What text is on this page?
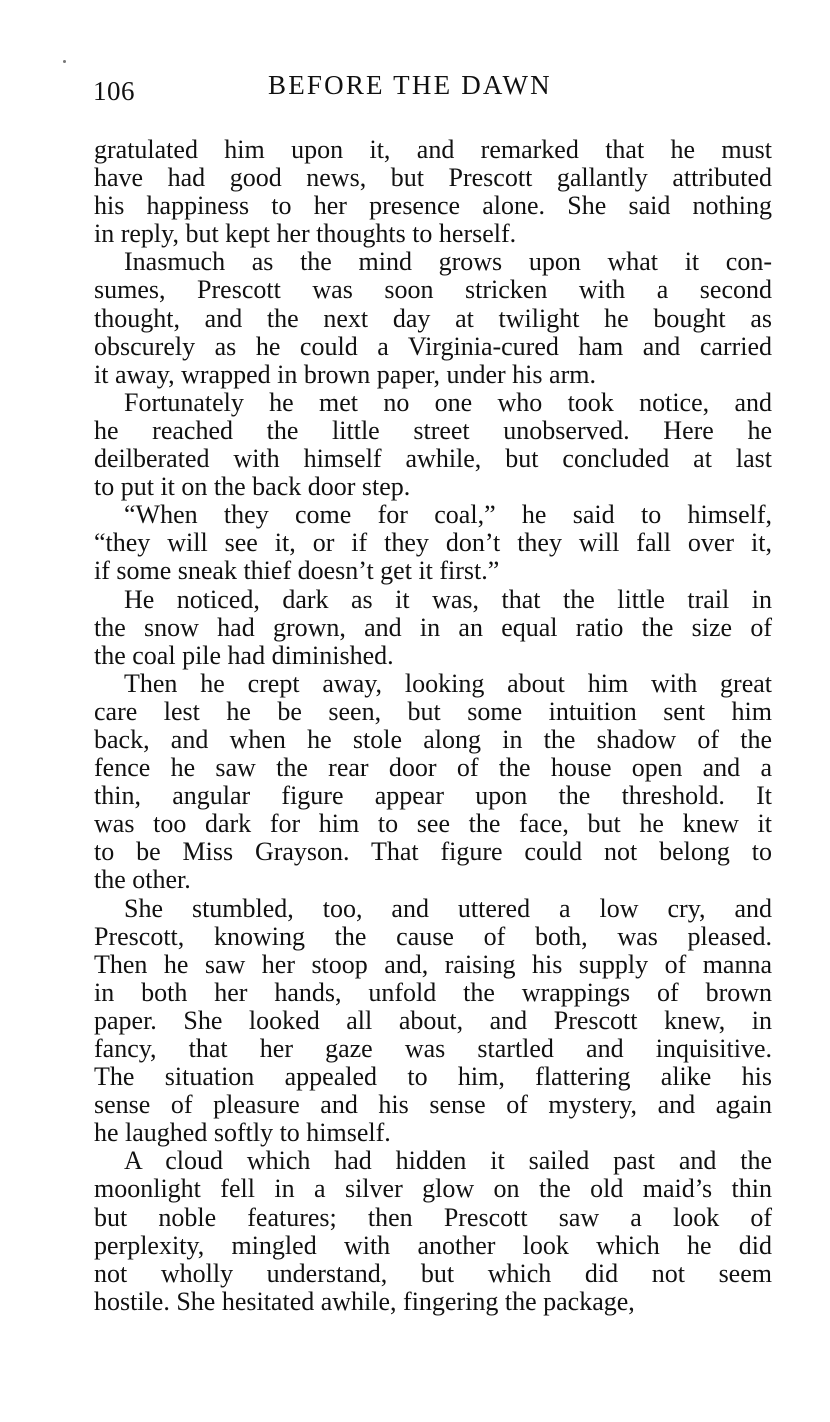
106	BEFORE THE DAWN
gratulated him upon it, and remarked that he must
have had good news, but Prescott gallantly attributed
his happiness to her presence alone. She said nothing
in reply, but kept her thoughts to herself.
Inasmuch as the mind grows upon what it con-
sumes, Prescott was soon stricken with a second
thought, and the next day at twilight he bought as
obscurely as he could a Virginia-cured ham and carried
it away, wrapped in brown paper, under his arm.
Fortunately he met no one who took notice, and
he reached the little street unobserved. Here he
deilberated with himself awhile, but concluded at last
to put it on the back door step.
“When they come for coal,” he said to himself,
“they will see it, or if they don’t they will fall over it,
if some sneak thief doesn’t get it first.”
He noticed, dark as it was, that the little trail in
the snow had grown, and in an equal ratio the size of
the coal pile had diminished.
Then he crept away, looking about him with great
care lest he be seen, but some intuition sent him
back, and when he stole along in the shadow of the
fence he saw the rear door of the house open and a
thin, angular figure appear upon the threshold. It
was too dark for him to see the face, but he knew it
to be Miss Grayson. That figure could not belong to
the other.
She stumbled, too, and uttered a low cry, and
Prescott, knowing the cause of both, was pleased.
Then he saw her stoop and, raising his supply of manna
in both her hands, unfold the wrappings of brown
paper. She looked all about, and Prescott knew, in
fancy, that her gaze was startled and inquisitive.
The situation appealed to him, flattering alike his
sense of pleasure and his sense of mystery, and again
he laughed softly to himself.
A cloud which had hidden it sailed past and the
moonlight fell in a silver glow on the old maid’s thin
but noble features; then Prescott saw a look of
perplexity, mingled with another look which he did
not wholly understand, but which did not seem
hostile. She hesitated awhile, fingering the package,
